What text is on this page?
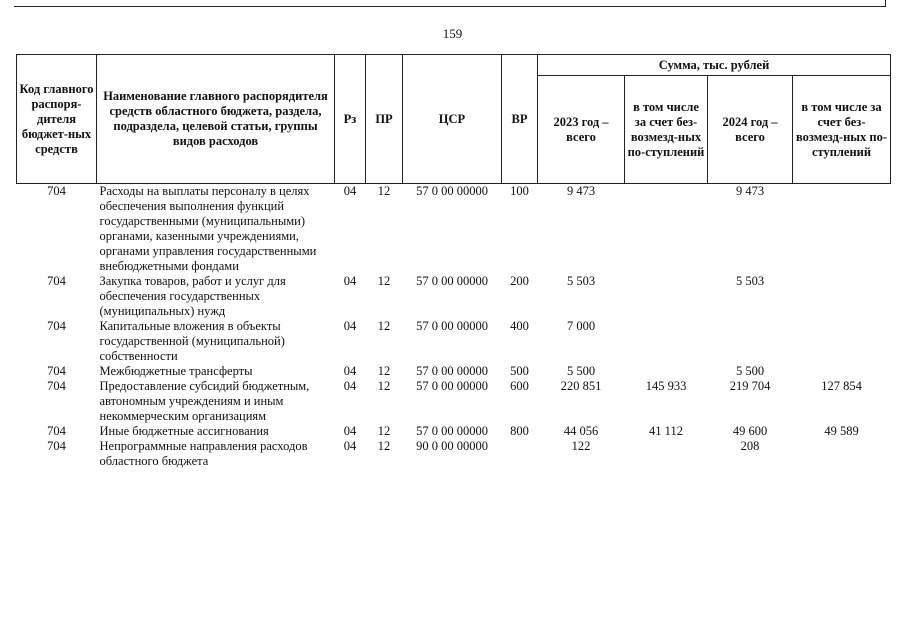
159
Код главного распоря-дителя бюджет-ных средств	Наименование главного распорядителя средств областного бюджета, раздела, подраздела, целевой статьи, группы видов расходов	Рз	ПР	ЦСР	ВР	Сумма, тыс. рублей			
						2023 год – всего	в том числе за счет без-возмезд-ных по-ступлений	2024 год – всего	в том числе за счет без-возмезд-ных по-ступлений
704	Расходы на выплаты персоналу в целях обеспечения выполнения функций государственными (муниципальными) органами, казенными учреждениями, органами управления государственными внебюджетными фондами	04	12	57 0 00 00000	100	9 473		9 473	
704	Закупка товаров, работ и услуг для обеспечения государственных (муниципальных) нужд	04	12	57 0 00 00000	200	5 503		5 503	
704	Капитальные вложения в объекты государственной (муниципальной) собственности	04	12	57 0 00 00000	400	7 000			
704	Межбюджетные трансферты	04	12	57 0 00 00000	500	5 500		5 500	
704	Предоставление субсидий бюджетным, автономным учреждениям и иным некоммерческим организациям	04	12	57 0 00 00000	600	220 851	145 933	219 704	127 854
704	Иные бюджетные ассигнования	04	12	57 0 00 00000	800	44 056	41 112	49 600	49 589
704	Непрограммные направления расходов областного бюджета	04	12	90 0 00 00000		122		208	
